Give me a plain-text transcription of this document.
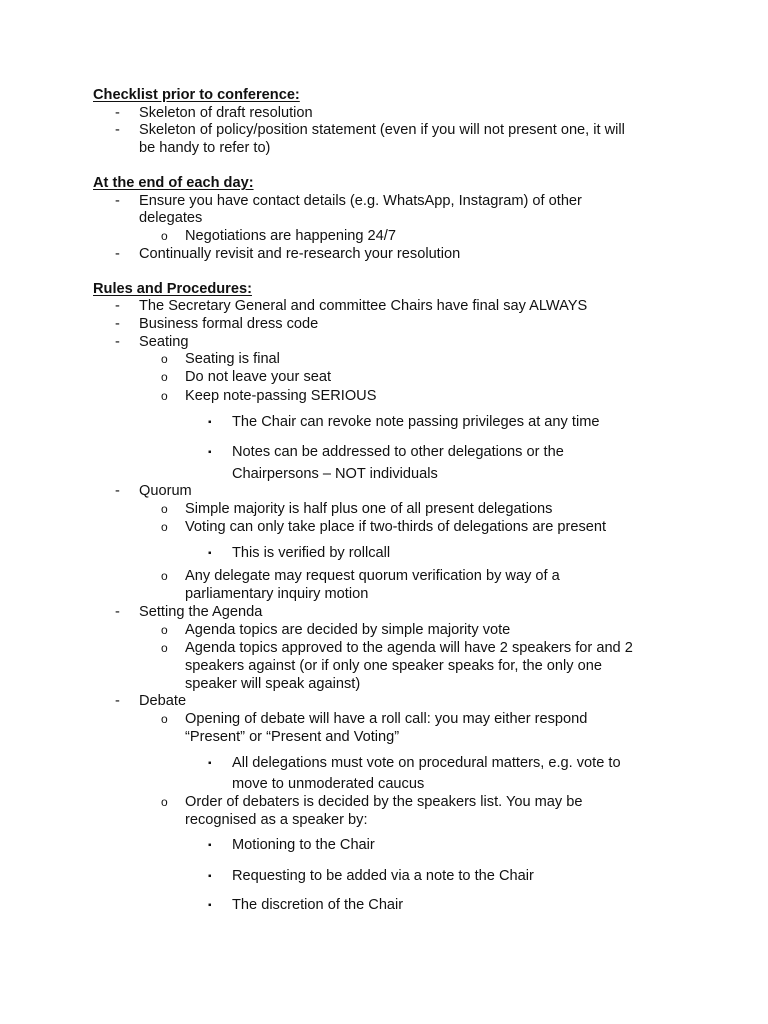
Checklist prior to conference:
- Skeleton of draft resolution
- Skeleton of policy/position statement (even if you will not present one, it will
be handy to refer to)
At the end of each day:
- Ensure you have contact details (e.g. WhatsApp, Instagram) of other
delegates
o Negotiations are happening 24/7
- Continually revisit and re-research your resolution
Rules and Procedures:
- The Secretary General and committee Chairs have final say ALWAYS
- Business formal dress code
- Seating
o Seating is final
o Do not leave your seat
o Keep note-passing SERIOUS
▪ The Chair can revoke note passing privileges at any time
▪ Notes can be addressed to other delegations or the
Chairpersons – NOT individuals
- Quorum
o Simple majority is half plus one of all present delegations
o Voting can only take place if two-thirds of delegations are present
▪ This is verified by rollcall
o Any delegate may request quorum verification by way of a
parliamentary inquiry motion
- Setting the Agenda
o Agenda topics are decided by simple majority vote
o Agenda topics approved to the agenda will have 2 speakers for and 2
speakers against (or if only one speaker speaks for, the only one
speaker will speak against)
- Debate
o Opening of debate will have a roll call: you may either respond
“Present” or “Present and Voting”
▪ All delegations must vote on procedural matters, e.g. vote to
move to unmoderated caucus
o Order of debaters is decided by the speakers list. You may be
recognised as a speaker by:
▪ Motioning to the Chair
▪ Requesting to be added via a note to the Chair
▪ The discretion of the Chair
